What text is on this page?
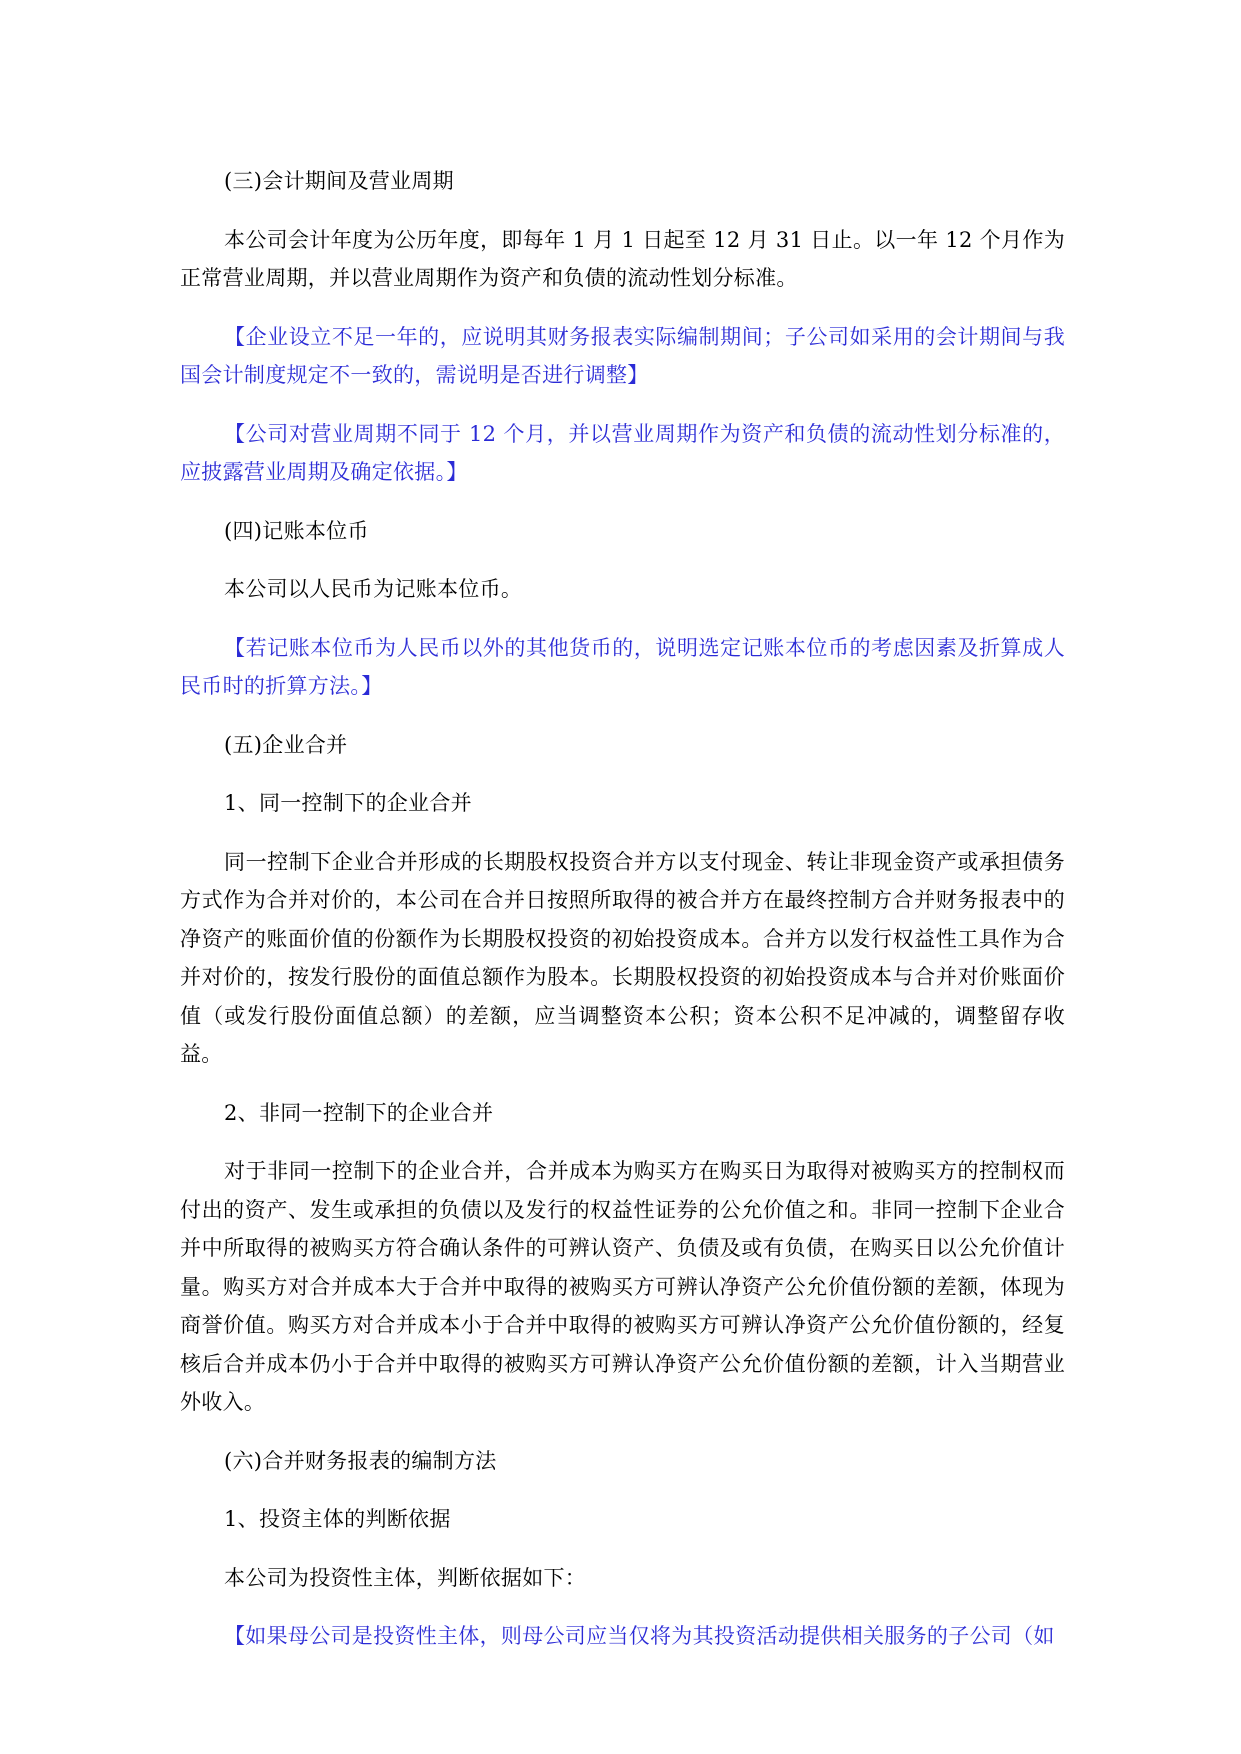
(三)会计期间及营业周期

本公司会计年度为公历年度，即每年 1 月 1 日起至 12 月 31 日止。以一年 12 个月作为正常营业周期，并以营业周期作为资产和负债的流动性划分标准。

【企业设立不足一年的，应说明其财务报表实际编制期间；子公司如采用的会计期间与我国会计制度规定不一致的，需说明是否进行调整】

【公司对营业周期不同于 12 个月，并以营业周期作为资产和负债的流动性划分标准的，应披露营业周期及确定依据。】

(四)记账本位币

本公司以人民币为记账本位币。

【若记账本位币为人民币以外的其他货币的，说明选定记账本位币的考虑因素及折算成人民币时的折算方法。】

(五)企业合并

1、同一控制下的企业合并

同一控制下企业合并形成的长期股权投资合并方以支付现金、转让非现金资产或承担债务方式作为合并对价的，本公司在合并日按照所取得的被合并方在最终控制方合并财务报表中的净资产的账面价值的份额作为长期股权投资的初始投资成本。合并方以发行权益性工具作为合并对价的，按发行股份的面值总额作为股本。长期股权投资的初始投资成本与合并对价账面价值（或发行股份面值总额）的差额，应当调整资本公积；资本公积不足冲减的，调整留存收益。

2、非同一控制下的企业合并

对于非同一控制下的企业合并，合并成本为购买方在购买日为取得对被购买方的控制权而付出的资产、发生或承担的负债以及发行的权益性证券的公允价值之和。非同一控制下企业合并中所取得的被购买方符合确认条件的可辨认资产、负债及或有负债，在购买日以公允价值计量。购买方对合并成本大于合并中取得的被购买方可辨认净资产公允价值份额的差额，体现为商誉价值。购买方对合并成本小于合并中取得的被购买方可辨认净资产公允价值份额的，经复核后合并成本仍小于合并中取得的被购买方可辨认净资产公允价值份额的差额，计入当期营业外收入。

(六)合并财务报表的编制方法

1、投资主体的判断依据

本公司为投资性主体，判断依据如下：

【如果母公司是投资性主体，则母公司应当仅将为其投资活动提供相关服务的子公司（如
